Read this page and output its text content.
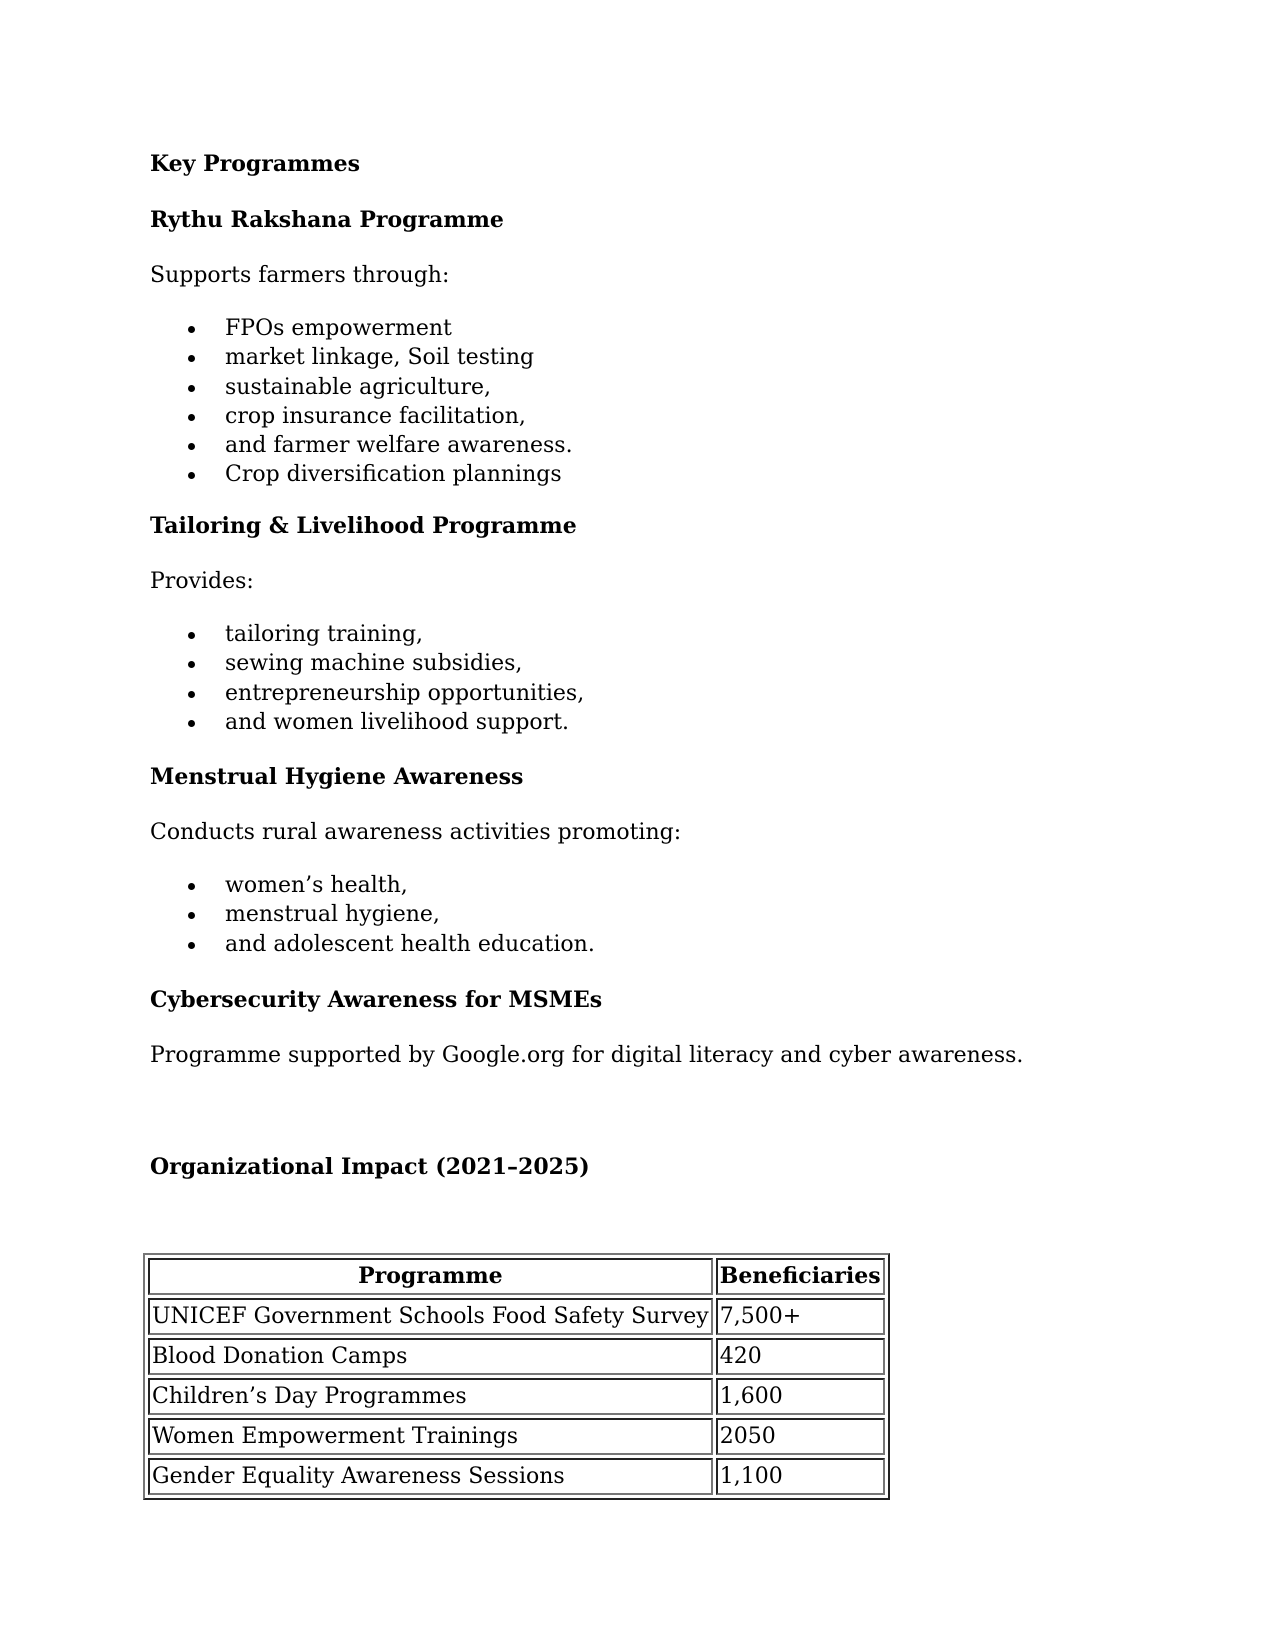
Key Programmes
Rythu Rakshana Programme
Supports farmers through:
FPOs empowerment
market linkage, Soil testing
sustainable agriculture,
crop insurance facilitation,
and farmer welfare awareness.
Crop diversification plannings
Tailoring & Livelihood Programme
Provides:
tailoring training,
sewing machine subsidies,
entrepreneurship opportunities,
and women livelihood support.
Menstrual Hygiene Awareness
Conducts rural awareness activities promoting:
women’s health,
menstrual hygiene,
and adolescent health education.
Cybersecurity Awareness for MSMEs
Programme supported by Google.org for digital literacy and cyber awareness.
Organizational Impact (2021–2025)
Programme	Beneficiaries
UNICEF Government Schools Food Safety Survey	7,500+
Blood Donation Camps	420
Children’s Day Programmes	1,600
Women Empowerment Trainings	2050
Gender Equality Awareness Sessions	1,100
